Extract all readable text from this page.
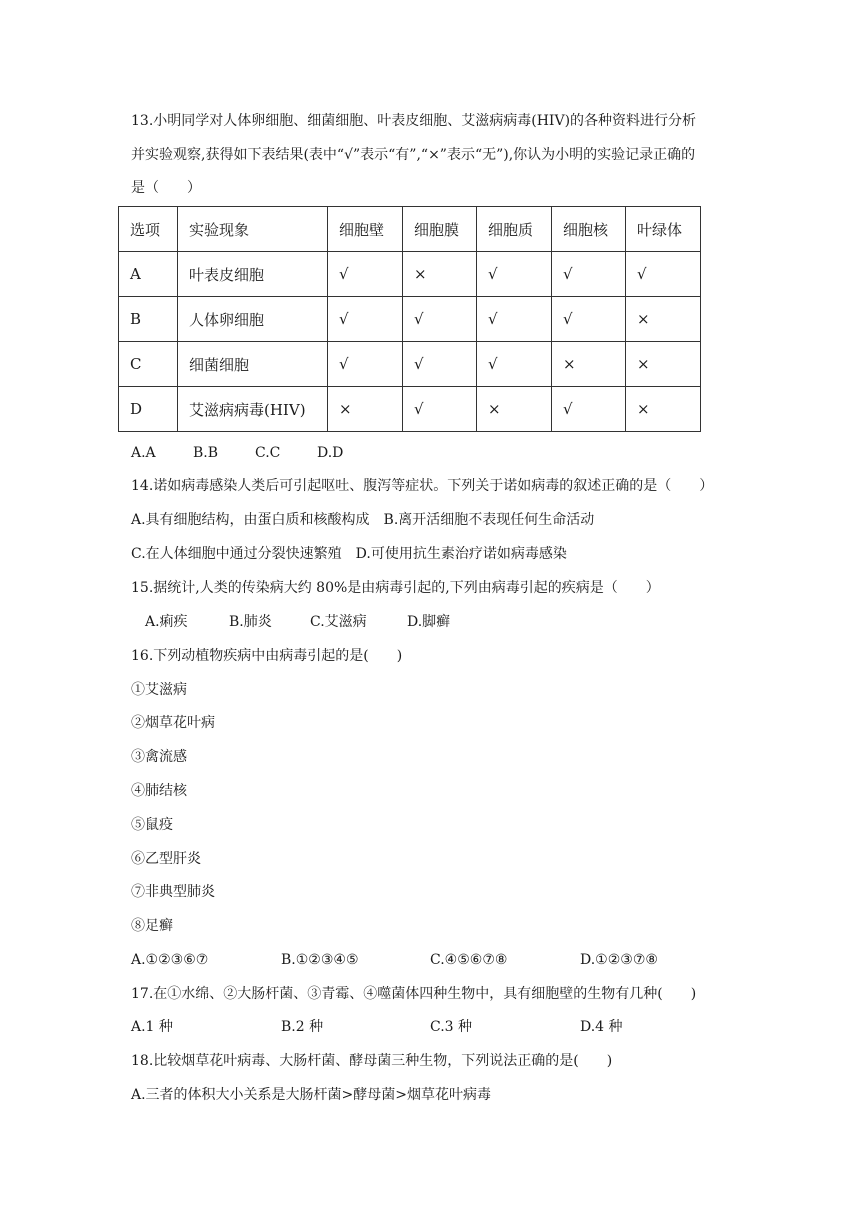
13.小明同学对人体卵细胞、细菌细胞、叶表皮细胞、艾滋病病毒(HIV)的各种资料进行分析
并实验观察,获得如下表结果(表中“√”表示“有”,“×”表示“无”),你认为小明的实验记录正确的
是（　　）
选项	实验现象	细胞壁	细胞膜	细胞质	细胞核	叶绿体
A	叶表皮细胞	√	×	√	√	√
B	人体卵细胞	√	√	√	√	×
C	细菌细胞	√	√	√	×	×
D	艾滋病病毒(HIV)	×	√	×	√	×
A.A	B.B	C.C	D.D
14.诺如病毒感染人类后可引起呕吐、腹泻等症状。下列关于诺如病毒的叙述正确的是（　　）
A.具有细胞结构，由蛋白质和核酸构成　B.离开活细胞不表现任何生命活动
C.在人体细胞中通过分裂快速繁殖　D.可使用抗生素治疗诺如病毒感染
15.据统计,人类的传染病大约 80%是由病毒引起的,下列由病毒引起的疾病是（　　）
A.痢疾	B.肺炎	C.艾滋病	D.脚癣
16.下列动植物疾病中由病毒引起的是(　　)
①艾滋病
②烟草花叶病
③禽流感
④肺结核
⑤鼠疫
⑥乙型肝炎
⑦非典型肺炎
⑧足癣
A.①②③⑥⑦	B.①②③④⑤	C.④⑤⑥⑦⑧	D.①②③⑦⑧
17.在①水绵、②大肠杆菌、③青霉、④噬菌体四种生物中，具有细胞壁的生物有几种(　　)
A.1 种	B.2 种	C.3 种	D.4 种
18.比较烟草花叶病毒、大肠杆菌、酵母菌三种生物，下列说法正确的是(　　)
A.三者的体积大小关系是大肠杆菌>酵母菌>烟草花叶病毒
